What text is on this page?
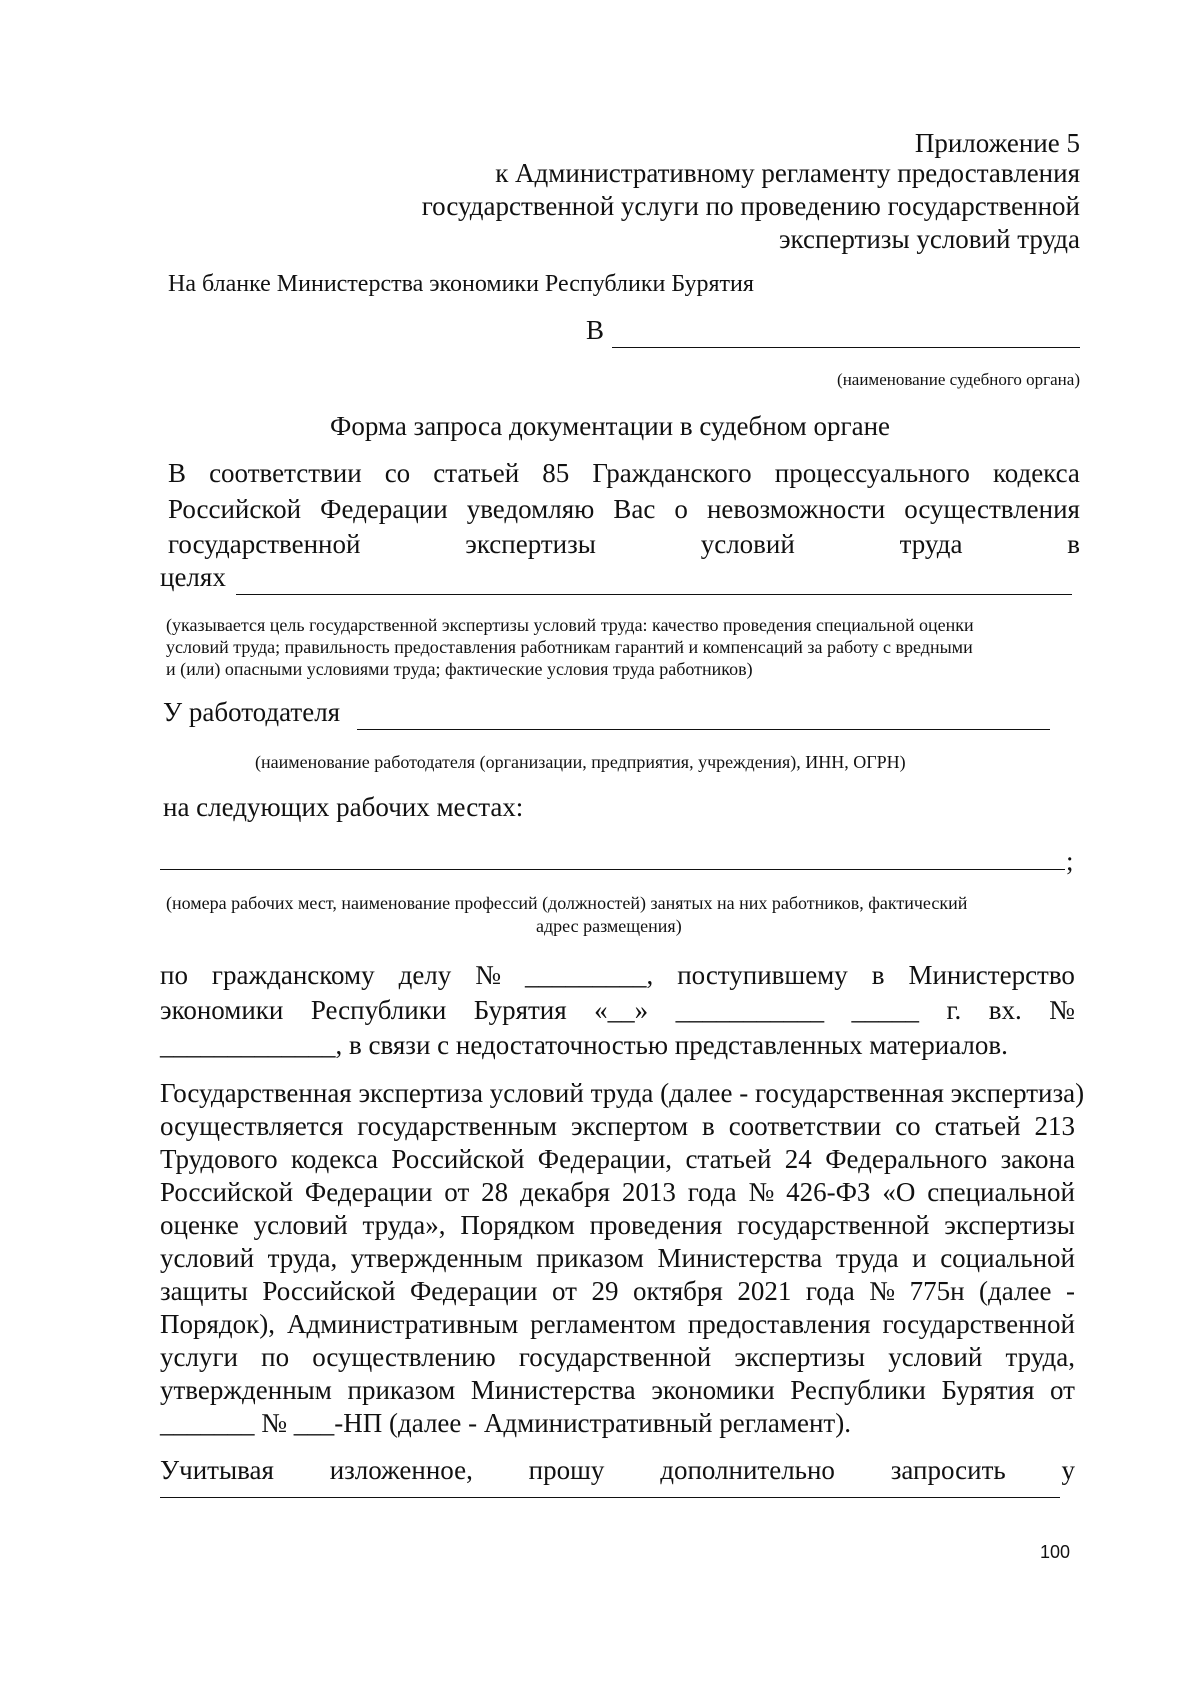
Приложение 5
к Административному регламенту предоставления
государственной услуги по проведению государственной
экспертизы условий труда
На бланке Министерства экономики Республики Бурятия
В
(наименование судебного органа)
Форма запроса документации в судебном органе
В соответствии со статьей 85 Гражданского процессуального кодекса
Российской Федерации уведомляю Вас о невозможности осуществления
государственной	экспертизы	условий	труда	в
целях
(указывается цель государственной экспертизы условий труда: качество проведения специальной оценки
условий труда; правильность предоставления работникам гарантий и компенсаций за работу с вредными
и (или) опасными условиями труда; фактические условия труда работников)
У работодателя
(наименование работодателя (организации, предприятия, учреждения), ИНН, ОГРН)
на следующих рабочих местах:
;
(номера рабочих мест, наименование профессий (должностей) занятых на них работников, фактический
адрес размещения)
по гражданскому делу № _________, поступившему в Министерство
экономики Республики Бурятия «__» ___________ _____ г. вх. №
_____________, в связи с недостаточностью представленных материалов.
Государственная экспертиза условий труда (далее - государственная экспертиза)
осуществляется государственным экспертом в соответствии со статьей 213
Трудового кодекса Российской Федерации, статьей 24 Федерального закона
Российской Федерации от 28 декабря 2013 года № 426-ФЗ «О специальной
оценке условий труда», Порядком проведения государственной экспертизы
условий труда, утвержденным приказом Министерства труда и социальной
защиты Российской Федерации от 29 октября 2021 года № 775н (далее -
Порядок), Административным регламентом предоставления государственной
услуги по осуществлению государственной экспертизы условий труда,
утвержденным приказом Министерства экономики Республики Бурятия от
_______ № ___-НП (далее - Административный регламент).
Учитывая изложенное, прошу дополнительно запросить у
100
